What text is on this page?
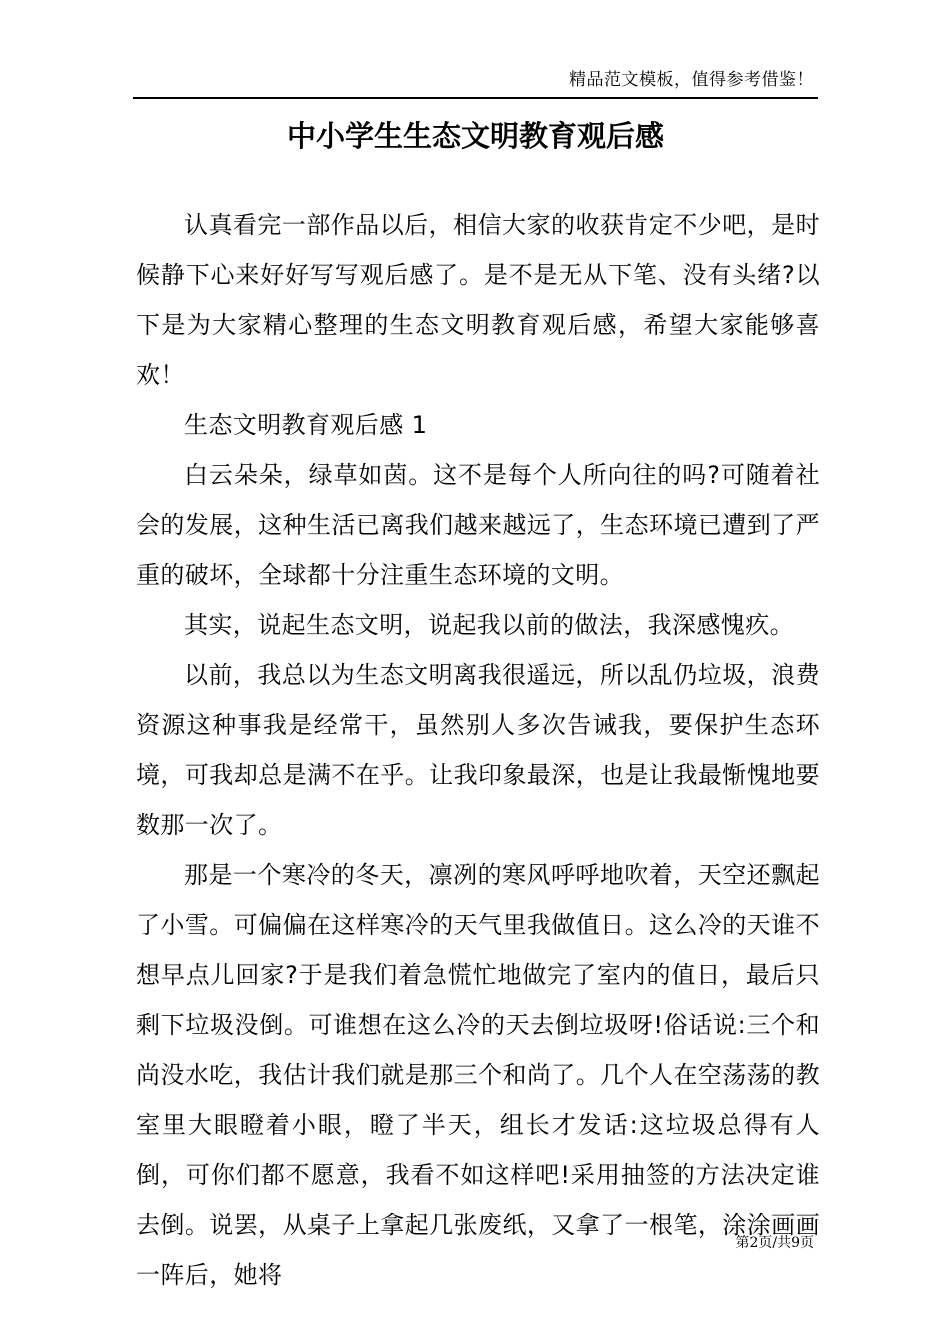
精品范文模板，值得参考借鉴！
中小学生生态文明教育观后感

认真看完一部作品以后，相信大家的收获肯定不少吧，是时候静下心来好好写写观后感了。是不是无从下笔、没有头绪?以下是为大家精心整理的生态文明教育观后感，希望大家能够喜欢！

生态文明教育观后感 1

白云朵朵，绿草如茵。这不是每个人所向往的吗?可随着社会的发展，这种生活已离我们越来越远了，生态环境已遭到了严重的破坏，全球都十分注重生态环境的文明。

其实，说起生态文明，说起我以前的做法，我深感愧疚。

以前，我总以为生态文明离我很遥远，所以乱仍垃圾，浪费资源这种事我是经常干，虽然别人多次告诫我，要保护生态环境，可我却总是满不在乎。让我印象最深，也是让我最惭愧地要数那一次了。

那是一个寒冷的冬天，凛冽的寒风呼呼地吹着，天空还飘起了小雪。可偏偏在这样寒冷的天气里我做值日。这么冷的天谁不想早点儿回家?于是我们着急慌忙地做完了室内的值日，最后只剩下垃圾没倒。可谁想在这么冷的天去倒垃圾呀!俗话说:三个和尚没水吃，我估计我们就是那三个和尚了。几个人在空荡荡的教室里大眼瞪着小眼，瞪了半天，组长才发话:这垃圾总得有人倒，可你们都不愿意，我看不如这样吧!采用抽签的方法决定谁去倒。说罢，从桌子上拿起几张废纸，又拿了一根笔，涂涂画画一阵后，她将

第2页/共9页
